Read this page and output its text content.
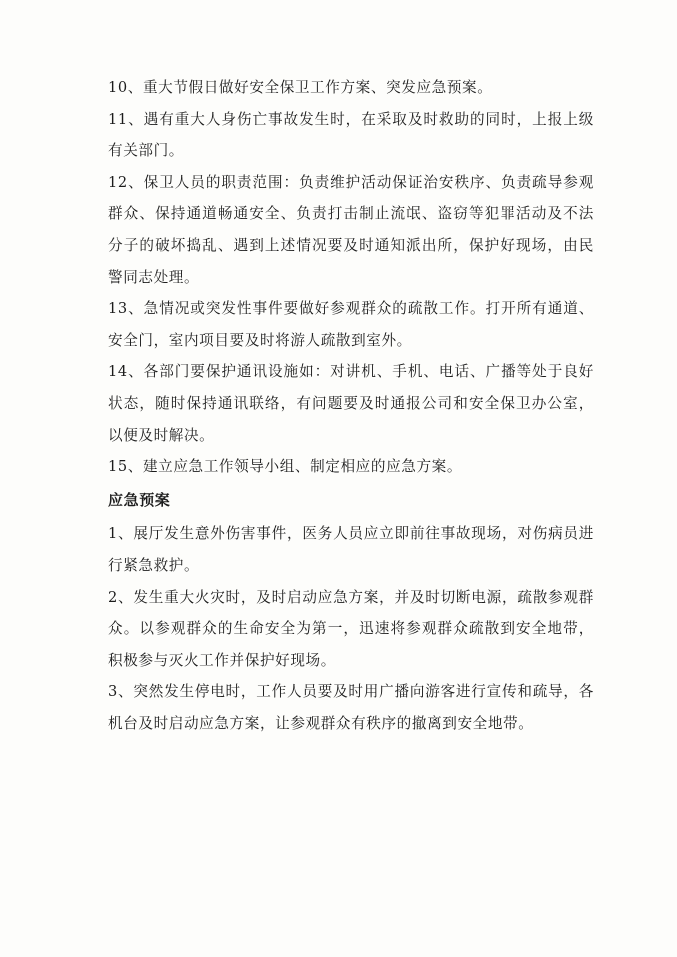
10、重大节假日做好安全保卫工作方案、突发应急预案。

11、遇有重大人身伤亡事故发生时，在采取及时救助的同时，上报上级有关部门。

12、保卫人员的职责范围：负责维护活动保证治安秩序、负责疏导参观群众、保持通道畅通安全、负责打击制止流氓、盗窃等犯罪活动及不法分子的破坏捣乱、遇到上述情况要及时通知派出所，保护好现场，由民警同志处理。

13、急情况或突发性事件要做好参观群众的疏散工作。打开所有通道、安全门，室内项目要及时将游人疏散到室外。

14、各部门要保护通讯设施如：对讲机、手机、电话、广播等处于良好状态，随时保持通讯联络，有问题要及时通报公司和安全保卫办公室，以便及时解决。

15、建立应急工作领导小组、制定相应的应急方案。

应急预案

1、展厅发生意外伤害事件，医务人员应立即前往事故现场，对伤病员进行紧急救护。

2、发生重大火灾时，及时启动应急方案，并及时切断电源，疏散参观群众。以参观群众的生命安全为第一，迅速将参观群众疏散到安全地带，积极参与灭火工作并保护好现场。

3、突然发生停电时，工作人员要及时用广播向游客进行宣传和疏导，各机台及时启动应急方案，让参观群众有秩序的撤离到安全地带。
